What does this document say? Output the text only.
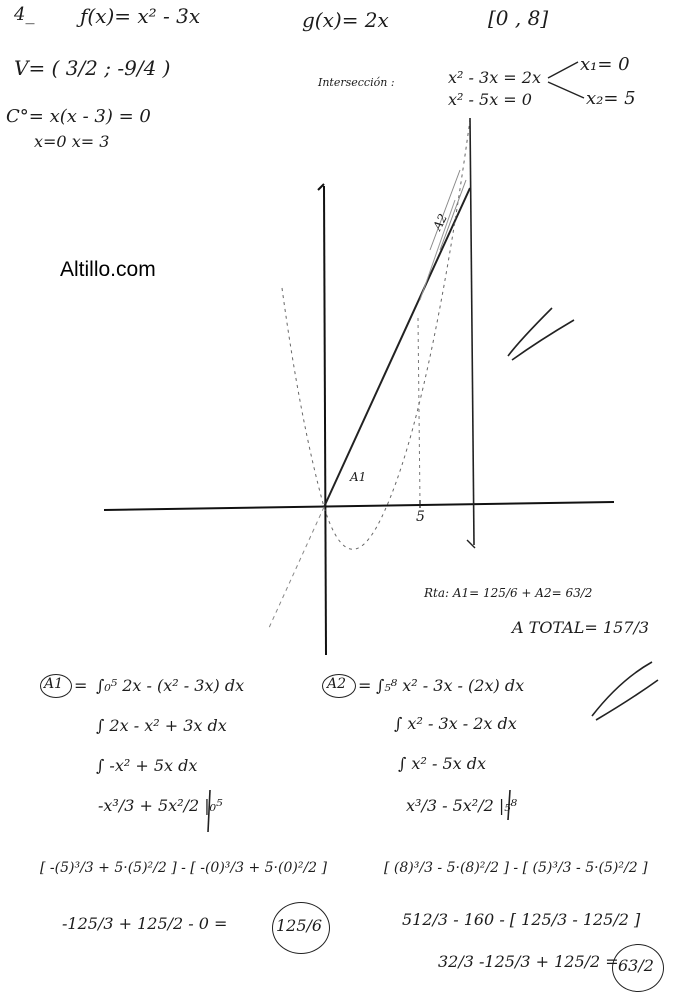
4_ ƒ(x)= x² - 3x	g(x)= 2x	[0 , 8]
V= ( 3/2 ; -9/4 )
C°= x(x - 3) = 0
x=0 x= 3
Intersección :	x² - 3x = 2x
x² - 5x = 0
x₁= 0
x₂= 5
Altillo.com
5
A1
A2
Rta: A1= 125/6 + A2= 63/2
A TOTAL= 157/3
A1 = ∫₀⁵ 2x - (x² - 3x) dx
∫ 2x - x² + 3x dx
∫ -x² + 5x dx
-x³/3 + 5x²/2 |₀⁵
[ -(5)³/3 + 5·(5)²/2 ] - [ -(0)³/3 + 5·(0)²/2 ]
-125/3 + 125/2 - 0 =	125/6
A2 = ∫₅⁸ x² - 3x - (2x) dx
∫ x² - 3x - 2x dx
∫ x² - 5x dx
x³/3 - 5x²/2 |₅⁸
[ (8)³/3 - 5·(8)²/2 ] - [ (5)³/3 - 5·(5)²/2 ]
512/3 - 160 - [ 125/3 - 125/2 ]
32/3 -125/3 + 125/2 = 63/2
